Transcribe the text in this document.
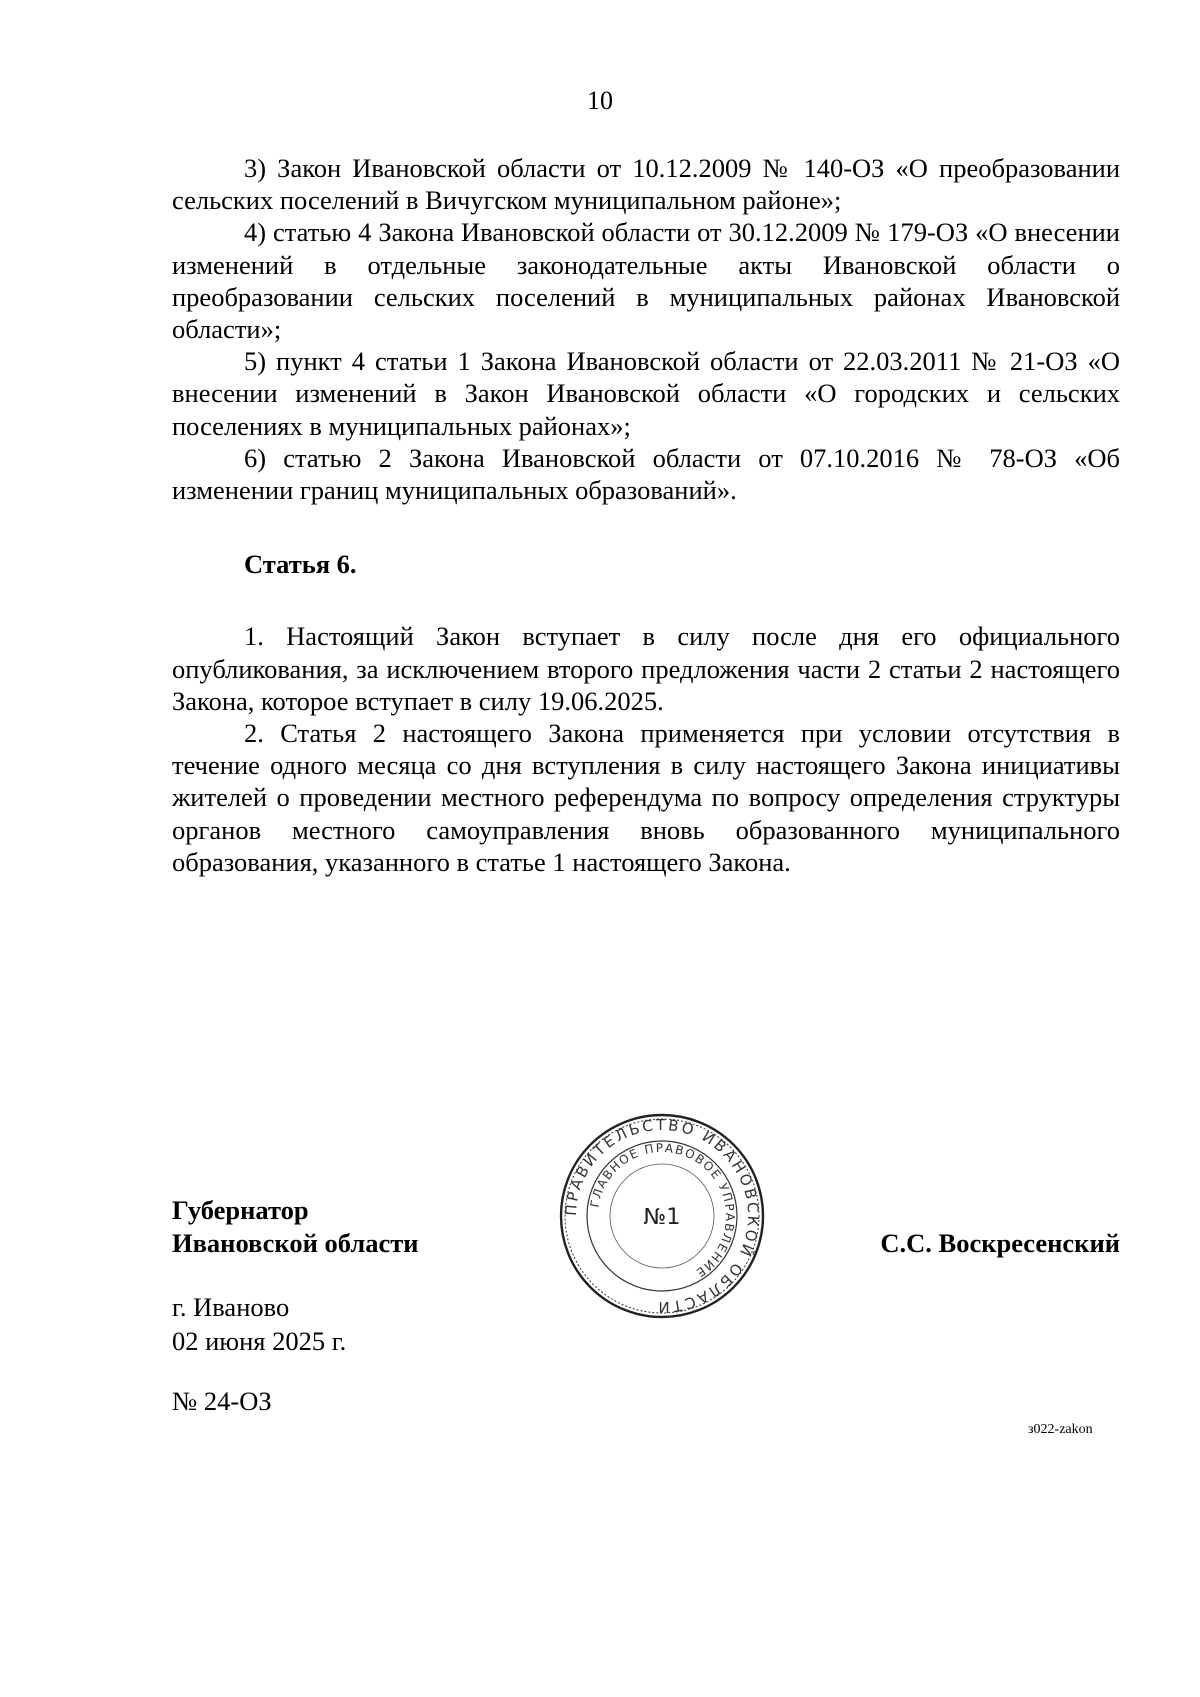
10

3) Закон Ивановской области от 10.12.2009 № 140-ОЗ «О преобразовании сельских поселений в Вичугском муниципальном районе»;

4) статью 4 Закона Ивановской области от 30.12.2009 № 179-ОЗ «О внесении изменений в отдельные законодательные акты Ивановской области о преобразовании сельских поселений в муниципальных районах Ивановской области»;

5) пункт 4 статьи 1 Закона Ивановской области от 22.03.2011 № 21-ОЗ «О внесении изменений в Закон Ивановской области «О городских и сельских поселениях в муниципальных районах»;

6) статью 2 Закона Ивановской области от 07.10.2016 № 78-ОЗ «Об изменении границ муниципальных образований».

Статья 6.

1. Настоящий Закон вступает в силу после дня его официального опубликования, за исключением второго предложения части 2 статьи 2 настоящего Закона, которое вступает в силу 19.06.2025.

2. Статья 2 настоящего Закона применяется при условии отсутствия в течение одного месяца со дня вступления в силу настоящего Закона инициативы жителей о проведении местного референдума по вопросу определения структуры органов местного самоуправления вновь образованного муниципального образования, указанного в статье 1 настоящего Закона.

ПРАВИТЕЛЬСТВО ИВАНОВСКОЙ ОБЛАСТИ
ГЛАВНОЕ ПРАВОВОЕ УПРАВЛЕНИЕ
№1
Губернатор
Ивановской области	С.С. Воскресенский
г. Иваново
02 июня 2025 г.
№ 24-ОЗ
з022-zakon
